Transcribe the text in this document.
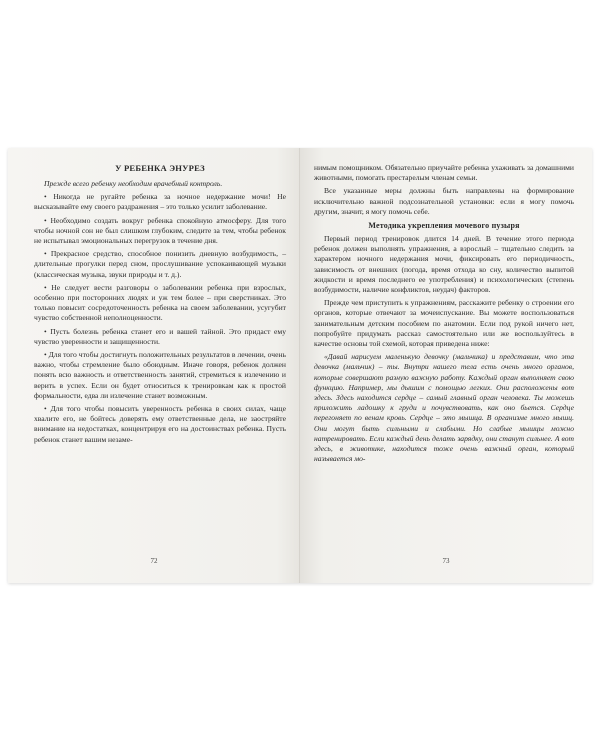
У РЕБЕНКА ЭНУРЕЗ

Прежде всего ребенку необходим врачебный контроль.

• Никогда не ругайте ребенка за ночное недержание мочи! Не высказывайте ему своего раздражения – это только усилит заболевание.

• Необходимо создать вокруг ребенка спокойную атмосферу. Для того чтобы ночной сон не был слишком глубоким, следите за тем, чтобы ребенок не испытывал эмоциональных перегрузок в течение дня.

• Прекрасное средство, способное понизить дневную возбудимость, – длительные прогулки перед сном, прослушивание успокаивающей музыки (классическая музыка, звуки природы и т. д.).

• Не следует вести разговоры о заболевании ребенка при взрослых, особенно при посторонних людях и уж тем более – при сверстниках. Это только повысит сосредоточенность ребенка на своем заболевании, усугубит чувство собственной неполноценности.

• Пусть болезнь ребенка станет его и вашей тайной. Это придаст ему чувство уверенности и защищенности.

• Для того чтобы достигнуть положительных результатов в лечении, очень важно, чтобы стремление было обоюдным. Иначе говоря, ребенок должен понять всю важность и ответственность занятий, стремиться к излечению и верить в успех. Если он будет относиться к тренировкам как к простой формальности, едва ли излечение станет возможным.

• Для того чтобы повысить уверенность ребенка в своих силах, чаще хвалите его, не бойтесь доверять ему ответственные дела, не заостряйте внимание на недостатках, концентрируя его на достоинствах ребенка. Пусть ребенок станет вашим незаме-

72

нимым помощником. Обязательно приучайте ребенка ухаживать за домашними животными, помогать престарелым членам семьи.

Все указанные меры должны быть направлены на формирование исключительно важной подсознательной установки: если я могу помочь другим, значит, я могу помочь себе.

Методика укрепления мочевого пузыря

Первый период тренировок длится 14 дней. В течение этого периода ребенок должен выполнять упражнения, а взрослый – тщательно следить за характером ночного недержания мочи, фиксировать его периодичность, зависимость от внешних (погода, время отхода ко сну, количество выпитой жидкости и время последнего ее употребления) и психологических (степень возбудимости, наличие конфликтов, неудач) факторов.

Прежде чем приступить к упражнениям, расскажите ребенку о строении его органов, которые отвечают за мочеиспускание. Вы можете воспользоваться занимательным детским пособием по анатомии. Если под рукой ничего нет, попробуйте придумать рассказ самостоятельно или же воспользуйтесь в качестве основы той схемой, которая приведена ниже:

«Давай нарисуем маленькую девочку (мальчика) и представим, что эта девочка (мальчик) – ты. Внутри нашего тела есть очень много органов, которые совершают разную важную работу. Каждый орган выполняет свою функцию. Например, мы дышим с помощью легких. Они расположены вот здесь. Здесь находится сердце – самый главный орган человека. Ты можешь приложить ладошку к груди и почувствовать, как оно бьется. Сердце перегоняет по венам кровь. Сердце – это мышца. В организме много мышц. Они могут быть сильными и слабыми. Но слабые мышцы можно натренировать. Если каждый день делать зарядку, они станут сильнее. А вот здесь, в животике, находится тоже очень важный орган, который называется мо-

73
